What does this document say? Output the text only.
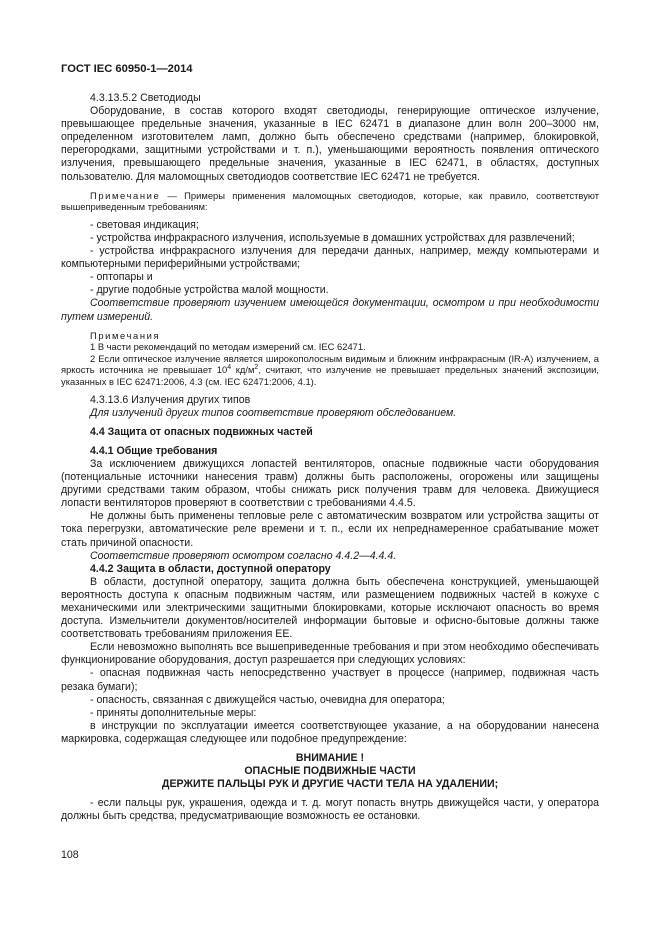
ГОСТ IEC 60950-1—2014

4.3.13.5.2 Светодиоды

Оборудование, в состав которого входят светодиоды, генерирующие оптическое излучение, превышающее предельные значения, указанные в IEC 62471 в диапазоне длин волн 200–3000 нм, определенном изготовителем ламп, должно быть обеспечено средствами (например, блокировкой, перегородками, защитными устройствами и т. п.), уменьшающими вероятность появления оптического излучения, превышающего предельные значения, указанные в IEC 62471, в областях, доступных пользователю. Для маломощных светодиодов соответствие IEC 62471 не требуется.

Примечание — Примеры применения маломощных светодиодов, которые, как правило, соответствуют вышеприведенным требованиям:

- световая индикация;

- устройства инфракрасного излучения, используемые в домашних устройствах для развлечений;

- устройства инфракрасного излучения для передачи данных, например, между компьютерами и компьютерными периферийными устройствами;

- оптопары и

- другие подобные устройства малой мощности.

Соответствие проверяют изучением имеющейся документации, осмотром и при необходимости путем измерений.

Примечания

1 В части рекомендаций по методам измерений см. IEC 62471.

2 Если оптическое излучение является широкополосным видимым и ближним инфракрасным (IR-A) излучением, а яркость источника не превышает $10^4$ $кд/м^2$, считают, что излучение не превышает предельных значений экспозиции, указанных в IEC 62471:2006, 4.3 (см. IEC 62471:2006, 4.1).

4.3.13.6 Излучения других типов

Для излучений других типов соответствие проверяют обследованием.

4.4 Защита от опасных подвижных частей

4.4.1 Общие требования

За исключением движущихся лопастей вентиляторов, опасные подвижные части оборудования (потенциальные источники нанесения травм) должны быть расположены, огорожены или защищены другими средствами таким образом, чтобы снижать риск получения травм для человека. Движущиеся лопасти вентиляторов проверяют в соответствии с требованиями 4.4.5.

Не должны быть применены тепловые реле с автоматическим возвратом или устройства защиты от тока перегрузки, автоматические реле времени и т. п., если их непреднамеренное срабатывание может стать причиной опасности.

Соответствие проверяют осмотром согласно 4.4.2—4.4.4.

4.4.2 Защита в области, доступной оператору

В области, доступной оператору, защита должна быть обеспечена конструкцией, уменьшающей вероятность доступа к опасным подвижным частям, или размещением подвижных частей в кожухе с механическими или электрическими защитными блокировками, которые исключают опасность во время доступа. Измельчители документов/носителей информации бытовые и офисно-бытовые должны также соответствовать требованиям приложения ЕЕ.

Если невозможно выполнять все вышеприведенные требования и при этом необходимо обеспечивать функционирование оборудования, доступ разрешается при следующих условиях:

- опасная подвижная часть непосредственно участвует в процессе (например, подвижная часть резака бумаги);

- опасность, связанная с движущейся частью, очевидна для оператора;

- приняты дополнительные меры:

в инструкции по эксплуатации имеется соответствующее указание, а на оборудовании нанесена маркировка, содержащая следующее или подобное предупреждение:

ВНИМАНИЕ !

ОПАСНЫЕ ПОДВИЖНЫЕ ЧАСТИ

ДЕРЖИТЕ ПАЛЬЦЫ РУК И ДРУГИЕ ЧАСТИ ТЕЛА НА УДАЛЕНИИ;

- если пальцы рук, украшения, одежда и т. д. могут попасть внутрь движущейся части, у оператора должны быть средства, предусматривающие возможность ее остановки.

108
